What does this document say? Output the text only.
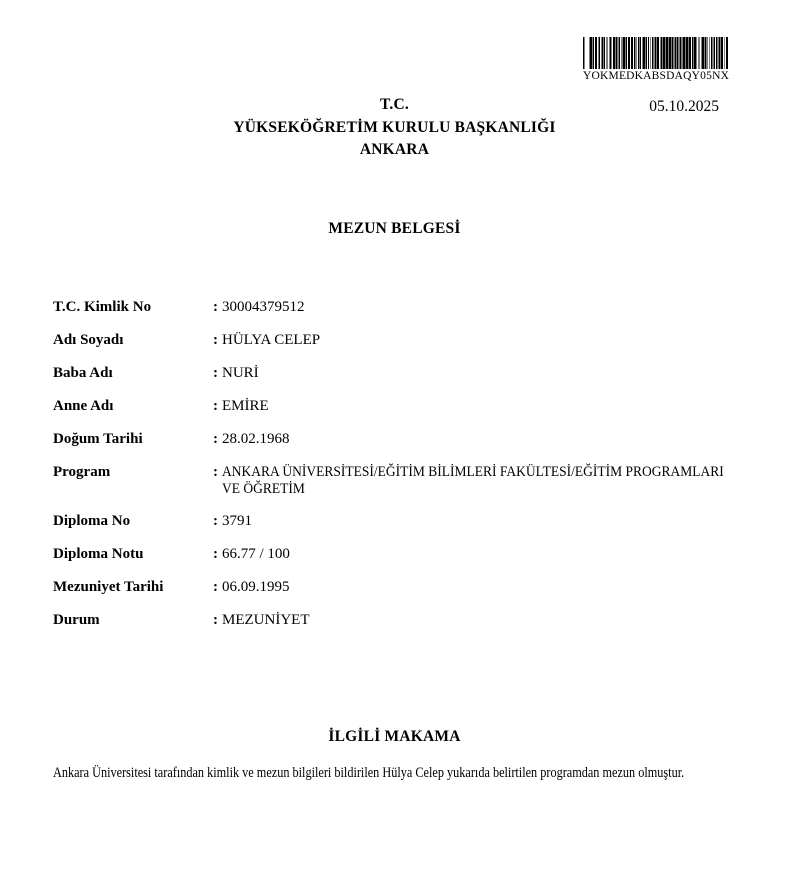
YOKMEDKABSDAQY05NX
05.10.2025
T.C.
YÜKSEKÖĞRETİM KURULU BAŞKANLIĞI
ANKARA
MEZUN BELGESİ
T.C. Kimlik No	: 30004379512
Adı Soyadı	: HÜLYA CELEP
Baba Adı	: NURİ
Anne Adı	: EMİRE
Doğum Tarihi	: 28.02.1968
Program	: ANKARA ÜNİVERSİTESİ/EĞİTİM BİLİMLERİ FAKÜLTESİ/EĞİTİM PROGRAMLARI
VE ÖĞRETİM
Diploma No	: 3791
Diploma Notu	: 66.77 / 100
Mezuniyet Tarihi	: 06.09.1995
Durum	: MEZUNİYET
İLGİLİ MAKAMA
Ankara Üniversitesi tarafından kimlik ve mezun bilgileri bildirilen Hülya Celep yukarıda belirtilen programdan mezun olmuştur.
